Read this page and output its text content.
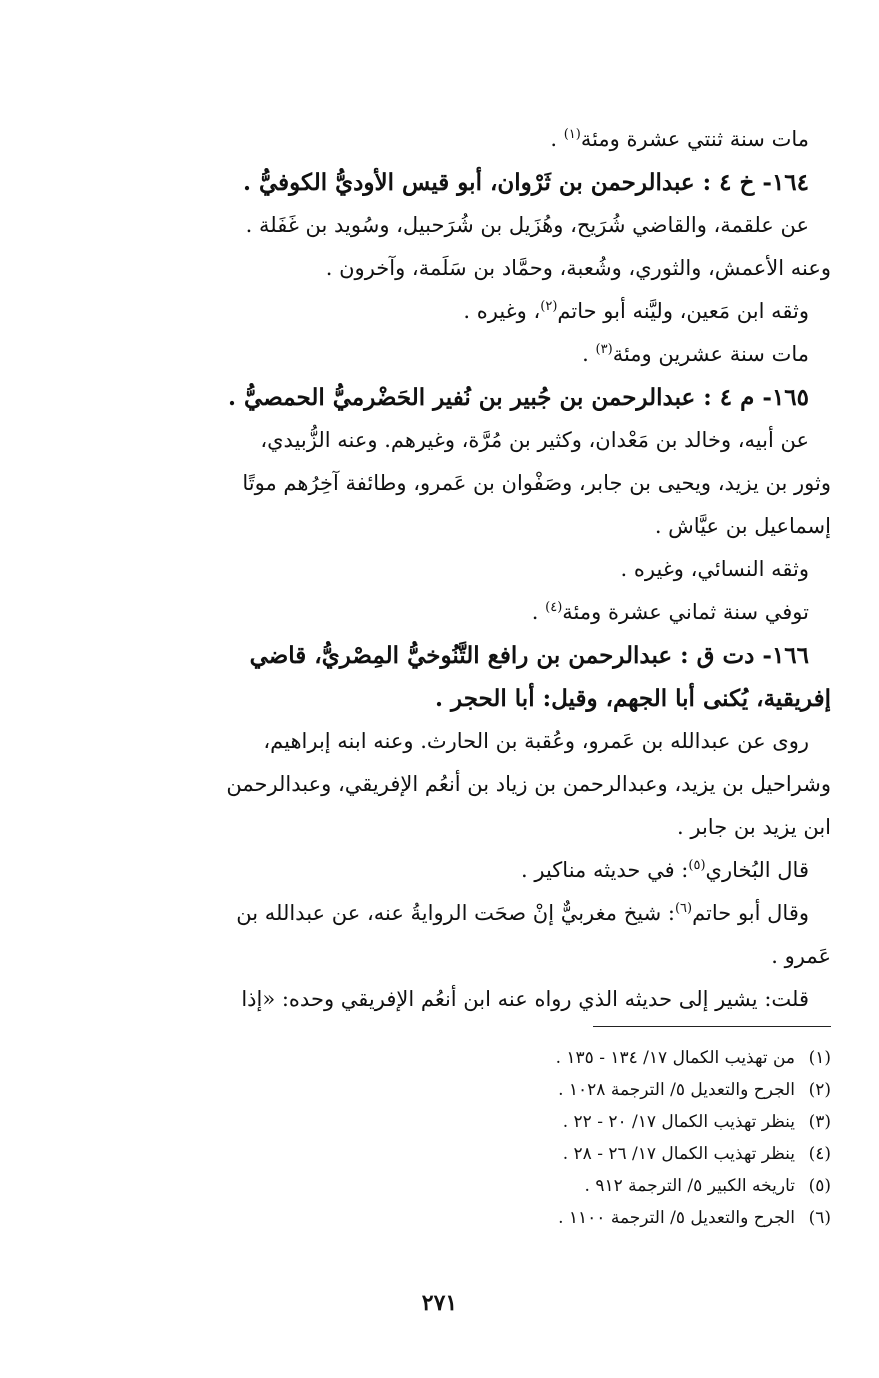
مات سنة ثنتي عشرة ومئة$^{(١)}$ .
١٦٤- خ ٤ : عبدالرحمن بن ثَرْوان، أبو قيس الأوديُّ الكوفيُّ .
عن علقمة، والقاضي شُرَيح، وهُزَيل بن شُرَحبيل، وسُويد بن غَفَلة .
وعنه الأعمش، والثوري، وشُعبة، وحمَّاد بن سَلَمة، وآخرون .
وثقه ابن مَعين، وليَّنه أبو حاتم$^{(٢)}$، وغيره .
مات سنة عشرين ومئة$^{(٣)}$ .
١٦٥- م ٤ : عبدالرحمن بن جُبير بن نُفير الحَضْرميُّ الحمصيُّ .
عن أبيه، وخالد بن مَعْدان، وكثير بن مُرَّة، وغيرهم. وعنه الزُّبيدي،
وثور بن يزيد، ويحيى بن جابر، وصَفْوان بن عَمرو، وطائفة آخِرُهم موتًا
إسماعيل بن عيَّاش .
وثقه النسائي، وغيره .
توفي سنة ثماني عشرة ومئة$^{(٤)}$ .
١٦٦- دت ق : عبدالرحمن بن رافع التَّنُوخيُّ المِصْريُّ، قاضي
إفريقية، يُكنى أبا الجهم، وقيل: أبا الحجر .
روى عن عبدالله بن عَمرو، وعُقبة بن الحارث. وعنه ابنه إبراهيم،
وشراحيل بن يزيد، وعبدالرحمن بن زياد بن أنعُم الإفريقي، وعبدالرحمن
ابن يزيد بن جابر .
قال البُخاري$^{(٥)}$: في حديثه مناكير .
وقال أبو حاتم$^{(٦)}$: شيخ مغربيٌّ إنْ صحَت الروايةُ عنه، عن عبدالله بن
عَمرو .
قلت: يشير إلى حديثه الذي رواه عنه ابن أنعُم الإفريقي وحده: «إذا
(١)من تهذيب الكمال ١٧/ ١٣٤ - ١٣٥ .
(٢)الجرح والتعديل ٥/ الترجمة ١٠٢٨ .
(٣)ينظر تهذيب الكمال ١٧/ ٢٠ - ٢٢ .
(٤)ينظر تهذيب الكمال ١٧/ ٢٦ - ٢٨ .
(٥)تاريخه الكبير ٥/ الترجمة ٩١٢ .
(٦)الجرح والتعديل ٥/ الترجمة ١١٠٠ .
٢٧١
